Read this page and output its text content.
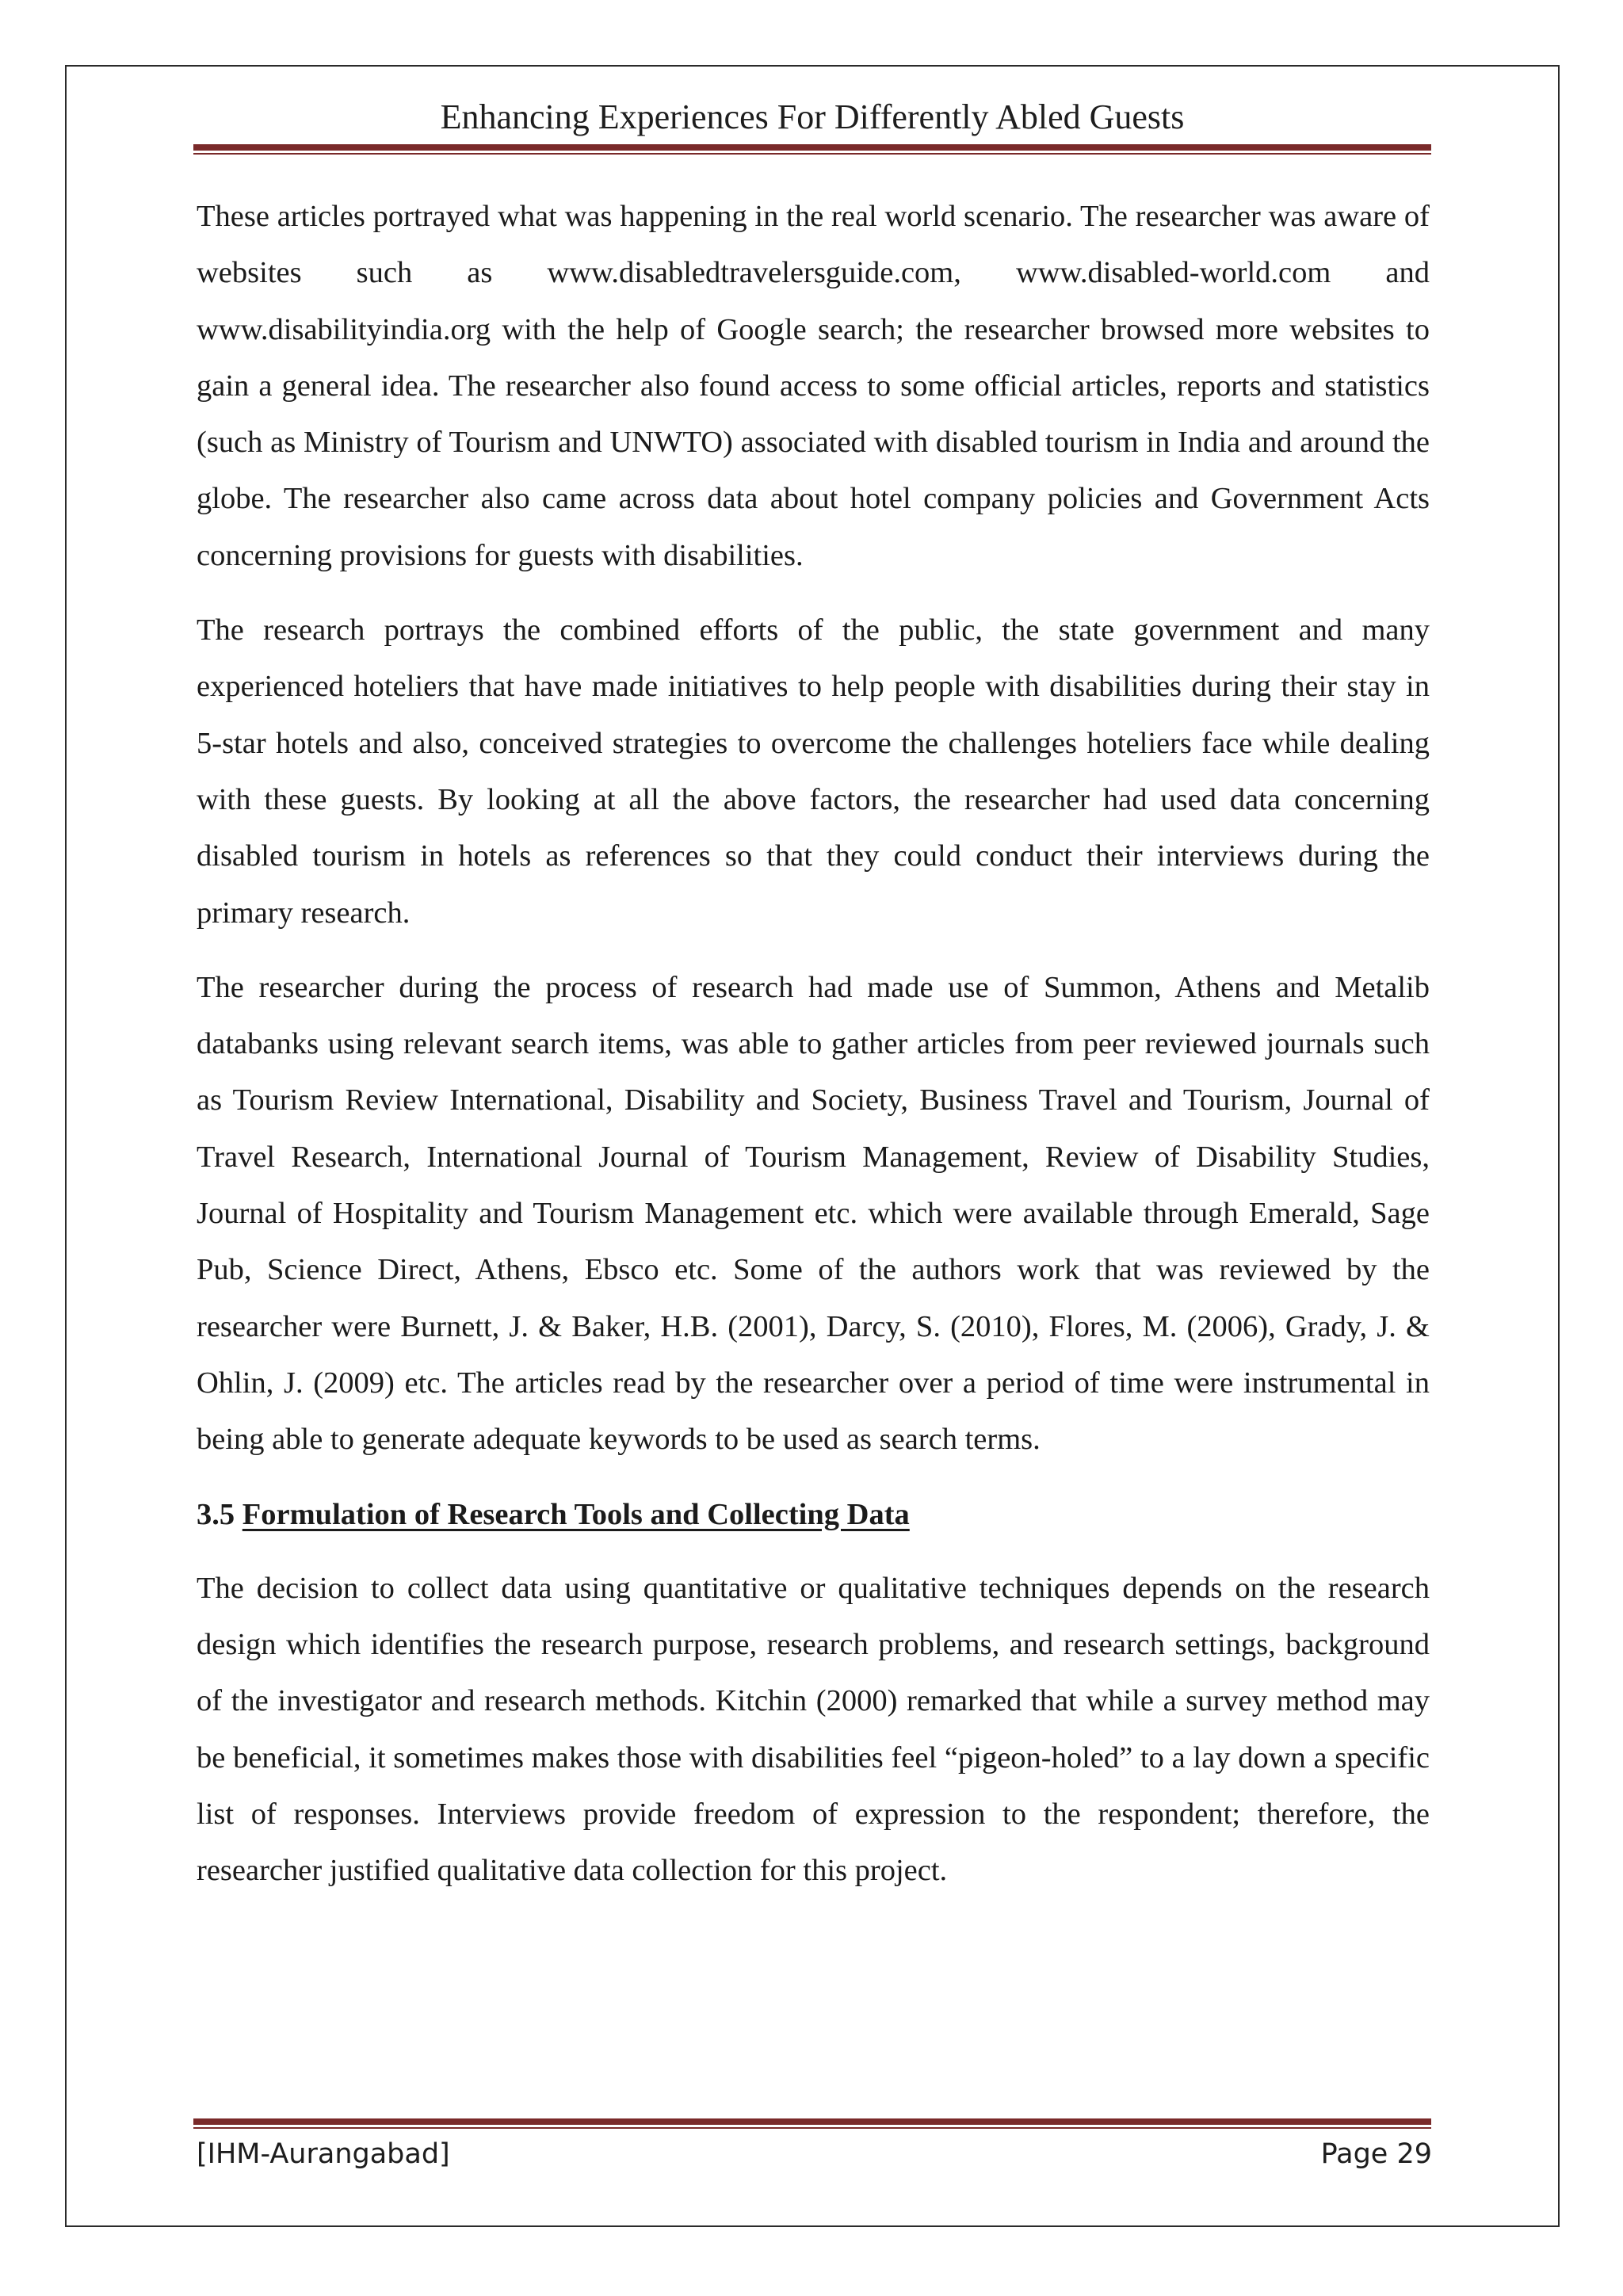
Enhancing Experiences For Differently Abled Guests

These articles portrayed what was happening in the real world scenario. The researcher was aware of websites such as www.disabledtravelersguide.com, www.disabled-world.com and www.disabilityindia.org with the help of Google search; the researcher browsed more websites to gain a general idea. The researcher also found access to some official articles, reports and statistics (such as Ministry of Tourism and UNWTO) associated with disabled tourism in India and around the globe. The researcher also came across data about hotel company policies and Government Acts concerning provisions for guests with disabilities.

The research portrays the combined efforts of the public, the state government and many experienced hoteliers that have made initiatives to help people with disabilities during their stay in 5-star hotels and also, conceived strategies to overcome the challenges hoteliers face while dealing with these guests. By looking at all the above factors, the researcher had used data concerning disabled tourism in hotels as references so that they could conduct their interviews during the primary research.

The researcher during the process of research had made use of Summon, Athens and Metalib databanks using relevant search items, was able to gather articles from peer reviewed journals such as Tourism Review International, Disability and Society, Business Travel and Tourism, Journal of Travel Research, International Journal of Tourism Management, Review of Disability Studies, Journal of Hospitality and Tourism Management etc. which were available through Emerald, Sage Pub, Science Direct, Athens, Ebsco etc. Some of the authors work that was reviewed by the researcher were Burnett, J. & Baker, H.B. (2001), Darcy, S. (2010), Flores, M. (2006), Grady, J. & Ohlin, J. (2009) etc. The articles read by the researcher over a period of time were instrumental in being able to generate adequate keywords to be used as search terms.

3.5 Formulation of Research Tools and Collecting Data

The decision to collect data using quantitative or qualitative techniques depends on the research design which identifies the research purpose, research problems, and research settings, background of the investigator and research methods. Kitchin (2000) remarked that while a survey method may be beneficial, it sometimes makes those with disabilities feel “pigeon-holed” to a lay down a specific list of responses. Interviews provide freedom of expression to the respondent; therefore, the researcher justified qualitative data collection for this project.

[IHM-Aurangabad]	Page 29
